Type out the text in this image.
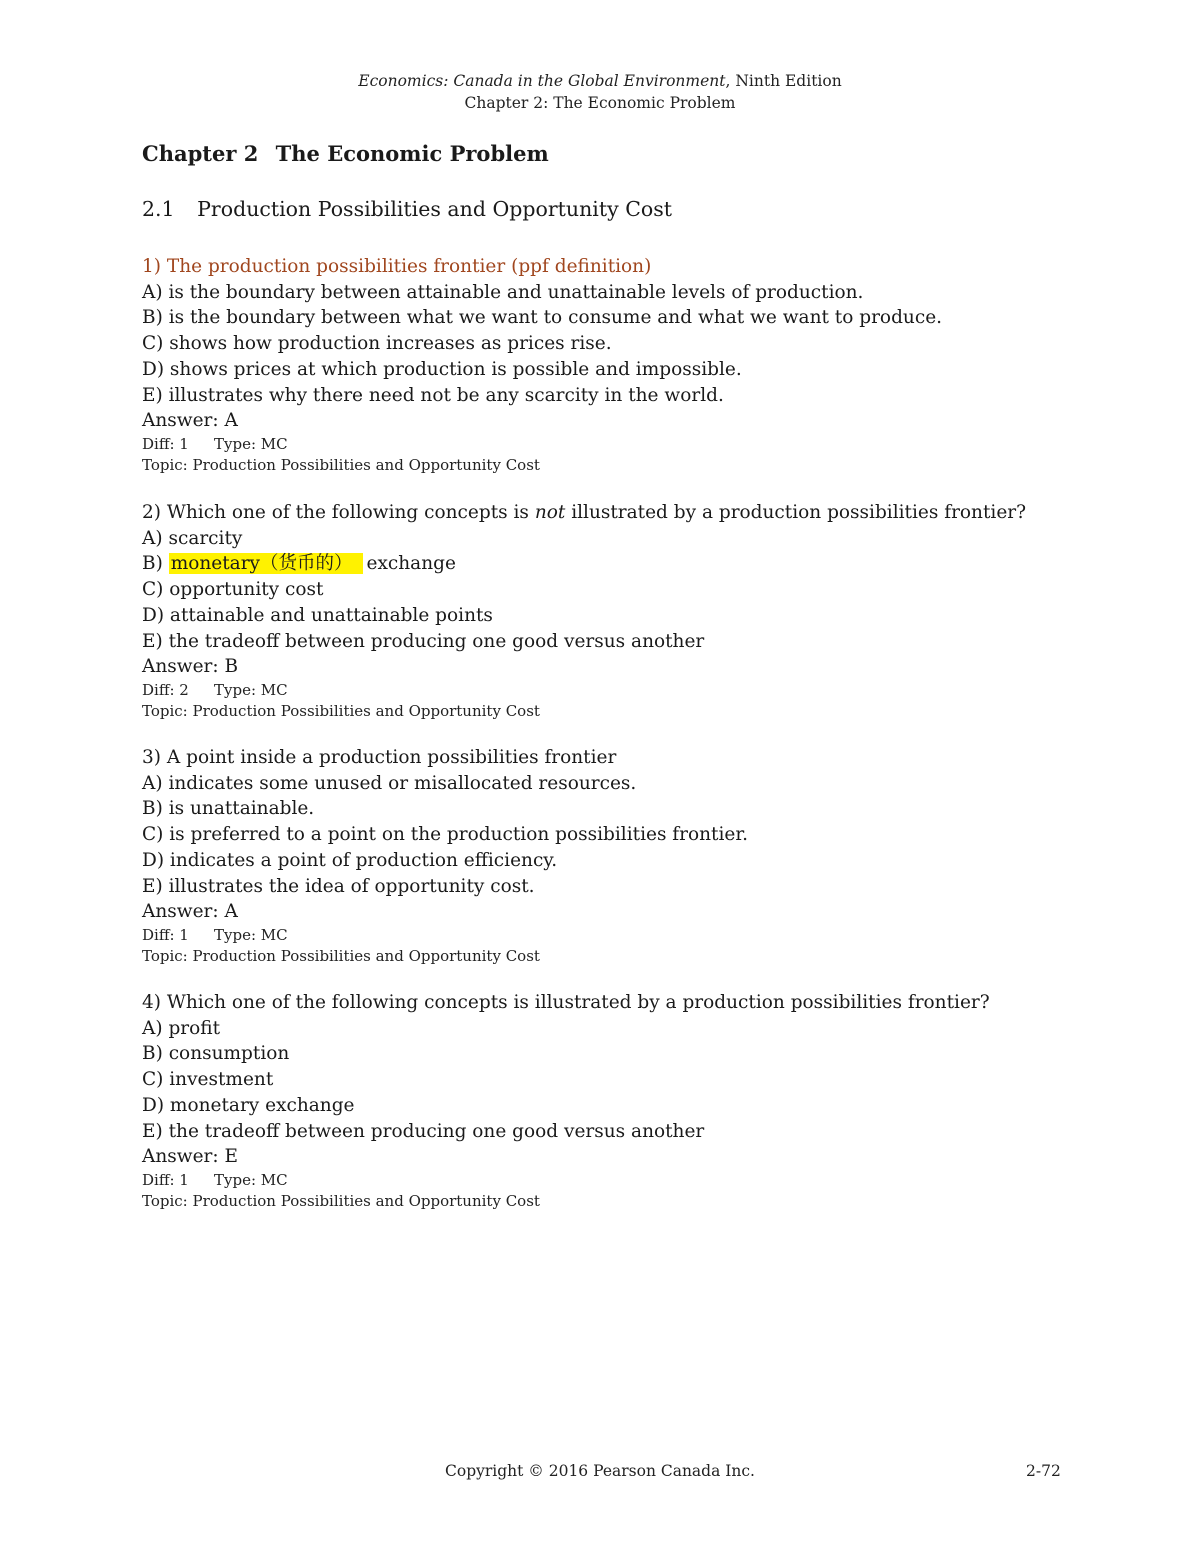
Economics: Canada in the Global Environment, Ninth Edition
Chapter 2: The Economic Problem
Chapter 2 The Economic Problem
2.1 Production Possibilities and Opportunity Cost
1) The production possibilities frontier (ppf definition)
A) is the boundary between attainable and unattainable levels of production.
B) is the boundary between what we want to consume and what we want to produce.
C) shows how production increases as prices rise.
D) shows prices at which production is possible and impossible.
E) illustrates why there need not be any scarcity in the world.
Answer: A
Diff: 1 Type: MC
Topic: Production Possibilities and Opportunity Cost
2) Which one of the following concepts is not illustrated by a production possibilities frontier?
A) scarcity
B) monetary（货币的） exchange
C) opportunity cost
D) attainable and unattainable points
E) the tradeoff between producing one good versus another
Answer: B
Diff: 2 Type: MC
Topic: Production Possibilities and Opportunity Cost
3) A point inside a production possibilities frontier
A) indicates some unused or misallocated resources.
B) is unattainable.
C) is preferred to a point on the production possibilities frontier.
D) indicates a point of production efficiency.
E) illustrates the idea of opportunity cost.
Answer: A
Diff: 1 Type: MC
Topic: Production Possibilities and Opportunity Cost
4) Which one of the following concepts is illustrated by a production possibilities frontier?
A) profit
B) consumption
C) investment
D) monetary exchange
E) the tradeoff between producing one good versus another
Answer: E
Diff: 1 Type: MC
Topic: Production Possibilities and Opportunity Cost
Copyright © 2016 Pearson Canada Inc.	2-72
